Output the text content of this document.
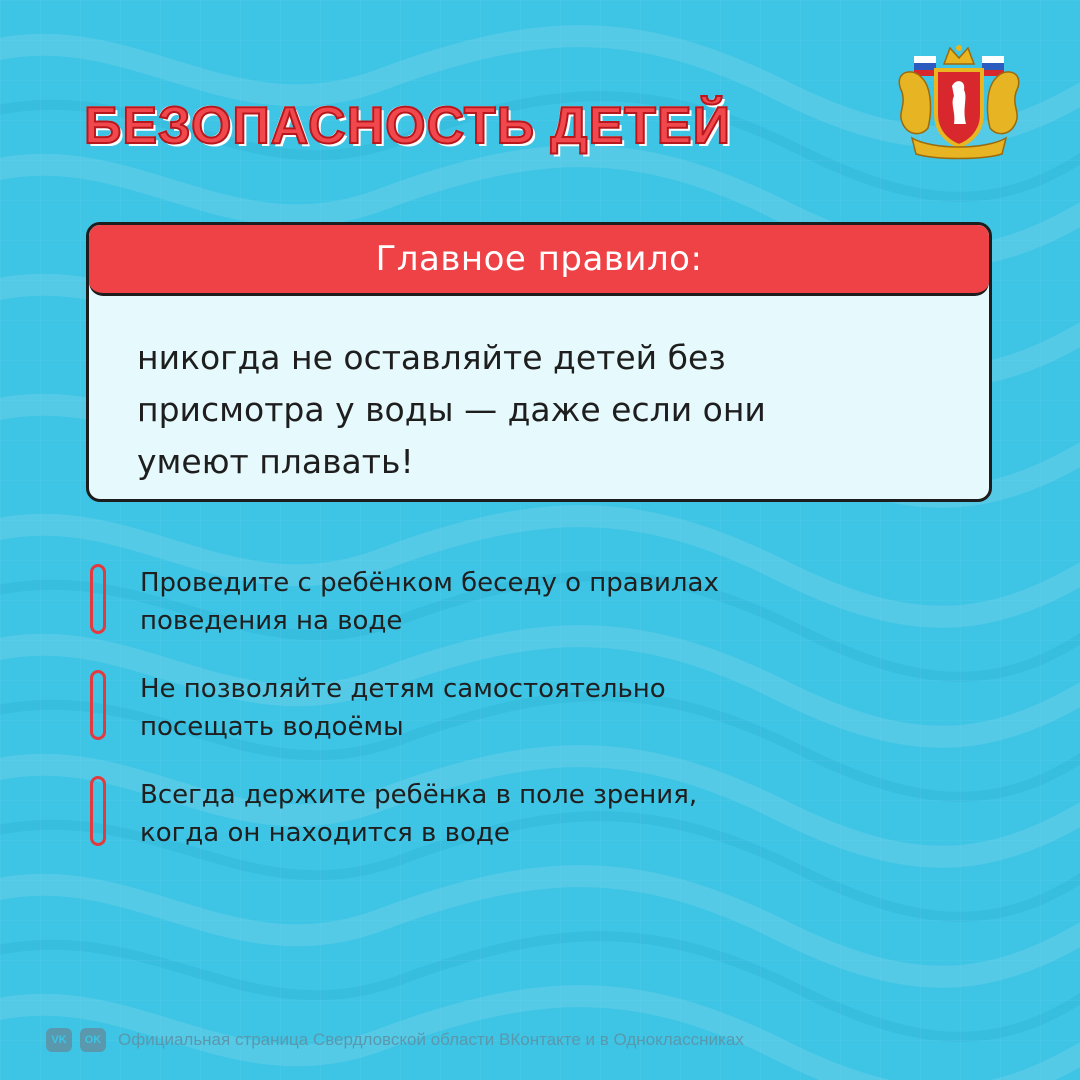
БЕЗОПАСНОСТЬ ДЕТЕЙ
Главное правило:
никогда не оставляйте детей без
присмотра у воды — даже если они
умеют плавать!
Проведите с ребёнком беседу о правилах
поведения на воде
Не позволяйте детям самостоятельно
посещать водоёмы
Всегда держите ребёнка в поле зрения,
когда он находится в воде
VK	OK Официальная страница Свердловской области ВКонтакте и в Одноклассниках
